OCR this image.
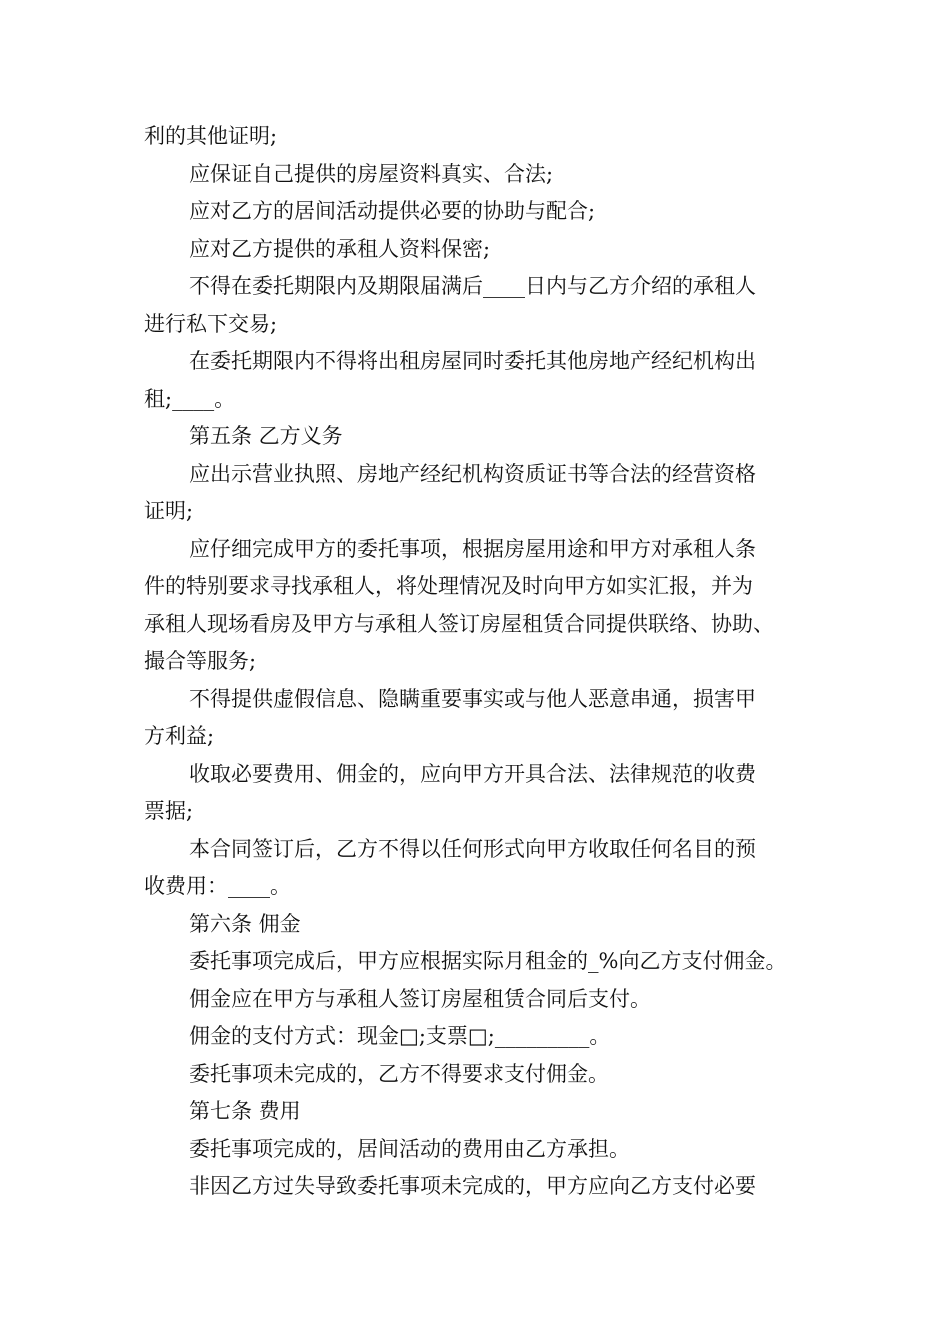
利的其他证明;
应保证自己提供的房屋资料真实、合法;
应对乙方的居间活动提供必要的协助与配合;
应对乙方提供的承租人资料保密;
不得在委托期限内及期限届满后____日内与乙方介绍的承租人
进行私下交易;
在委托期限内不得将出租房屋同时委托其他房地产经纪机构出
租;____。
第五条 乙方义务
应出示营业执照、房地产经纪机构资质证书等合法的经营资格
证明;
应仔细完成甲方的委托事项，根据房屋用途和甲方对承租人条
件的特别要求寻找承租人，将处理情况及时向甲方如实汇报，并为
承租人现场看房及甲方与承租人签订房屋租赁合同提供联络、协助、
撮合等服务;
不得提供虚假信息、隐瞒重要事实或与他人恶意串通，损害甲
方利益;
收取必要费用、佣金的，应向甲方开具合法、法律规范的收费
票据;
本合同签订后，乙方不得以任何形式向甲方收取任何名目的预
收费用：____。
第六条 佣金
委托事项完成后，甲方应根据实际月租金的_%向乙方支付佣金。
佣金应在甲方与承租人签订房屋租赁合同后支付。
佣金的支付方式：现金□;支票□;_________。
委托事项未完成的，乙方不得要求支付佣金。
第七条 费用
委托事项完成的，居间活动的费用由乙方承担。
非因乙方过失导致委托事项未完成的，甲方应向乙方支付必要
